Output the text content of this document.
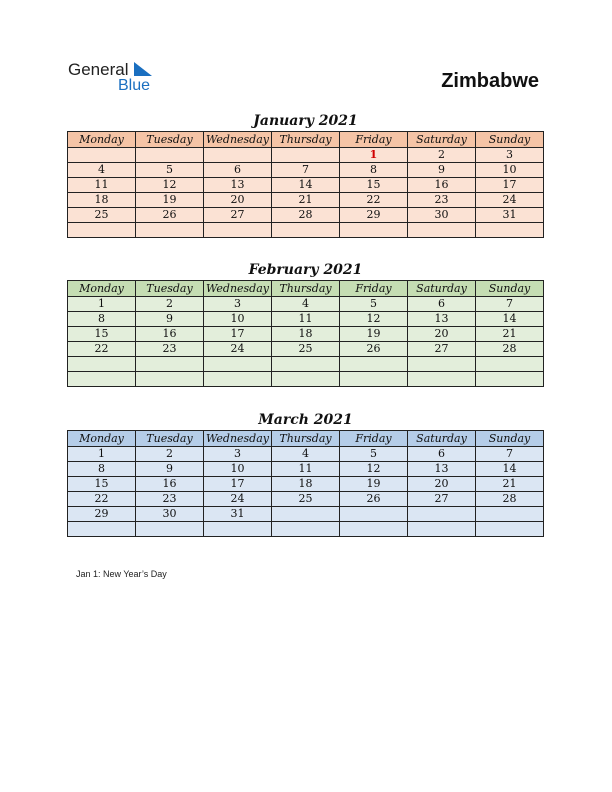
General
Blue	Zimbabwe
January 2021
Monday	Tuesday	Wednesday	Thursday	Friday	Saturday	Sunday
				1	2	3
4	5	6	7	8	9	10
11	12	13	14	15	16	17
18	19	20	21	22	23	24
25	26	27	28	29	30	31

February 2021
Monday	Tuesday	Wednesday	Thursday	Friday	Saturday	Sunday
1	2	3	4	5	6	7
8	9	10	11	12	13	14
15	16	17	18	19	20	21
22	23	24	25	26	27	28

March 2021
Monday	Tuesday	Wednesday	Thursday	Friday	Saturday	Sunday
1	2	3	4	5	6	7
8	9	10	11	12	13	14
15	16	17	18	19	20	21
22	23	24	25	26	27	28
29	30	31				

Jan 1: New Year’s Day
